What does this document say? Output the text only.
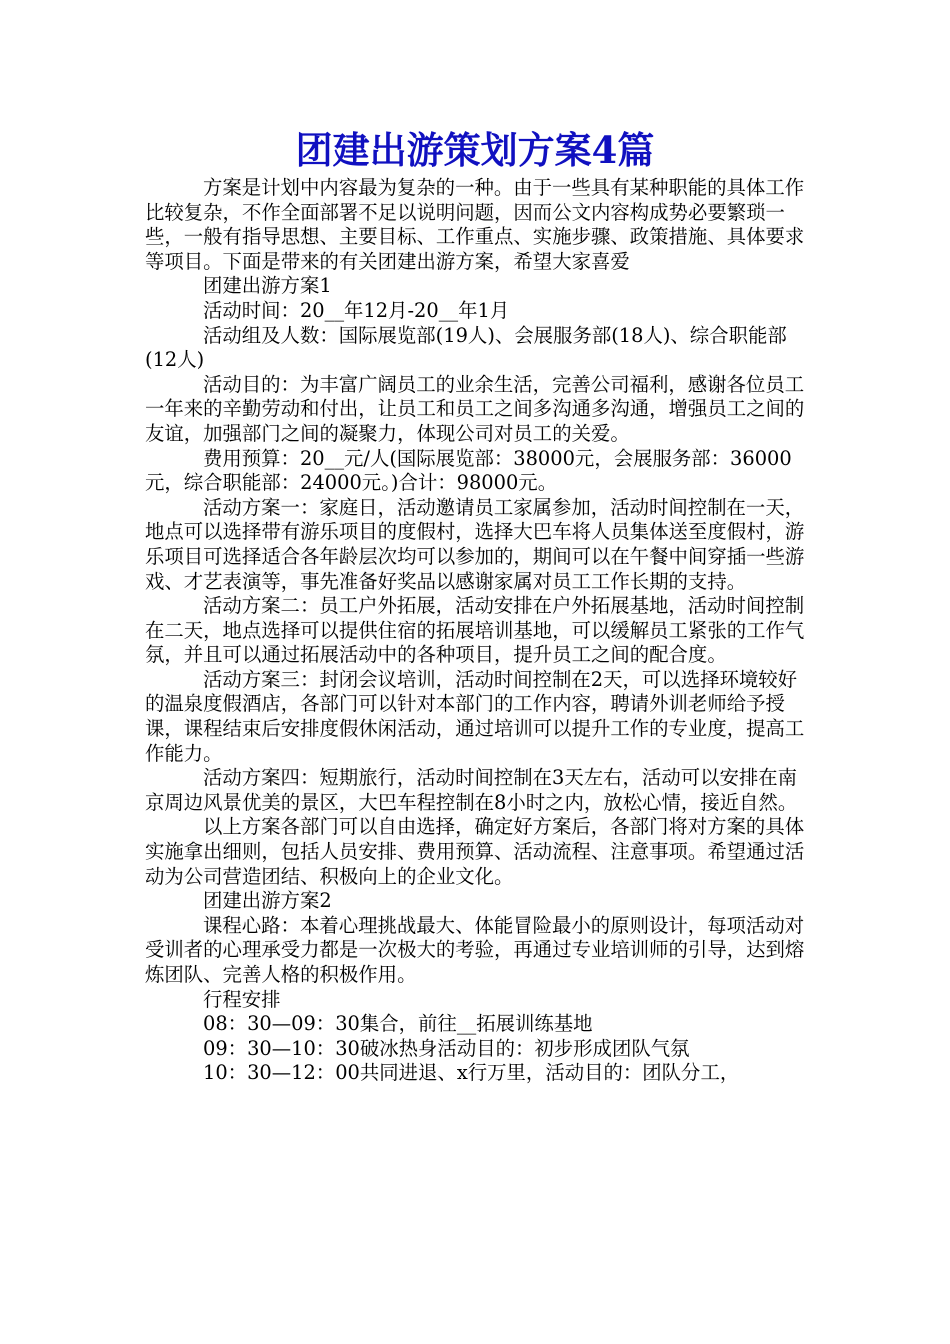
团建出游策划方案4篇

方案是计划中内容最为复杂的一种。由于一些具有某种职能的具体工作比较复杂，不作全面部署不足以说明问题，因而公文内容构成势必要繁琐一些，一般有指导思想、主要目标、工作重点、实施步骤、政策措施、具体要求等项目。下面是带来的有关团建出游方案，希望大家喜爱

团建出游方案1

活动时间：20__年12月-20__年1月

活动组及人数：国际展览部(19人)、会展服务部(18人)、综合职能部(12人)

活动目的：为丰富广阔员工的业余生活，完善公司福利，感谢各位员工一年来的辛勤劳动和付出，让员工和员工之间多沟通多沟通，增强员工之间的友谊，加强部门之间的凝聚力，体现公司对员工的关爱。

费用预算：20__元/人(国际展览部：38000元，会展服务部：36000元，综合职能部：24000元。)合计：98000元。

活动方案一：家庭日，活动邀请员工家属参加，活动时间控制在一天，地点可以选择带有游乐项目的度假村，选择大巴车将人员集体送至度假村，游乐项目可选择适合各年龄层次均可以参加的，期间可以在午餐中间穿插一些游戏、才艺表演等，事先准备好奖品以感谢家属对员工工作长期的支持。

活动方案二：员工户外拓展，活动安排在户外拓展基地，活动时间控制在二天，地点选择可以提供住宿的拓展培训基地，可以缓解员工紧张的工作气氛，并且可以通过拓展活动中的各种项目，提升员工之间的配合度。

活动方案三：封闭会议培训，活动时间控制在2天，可以选择环境较好的温泉度假酒店，各部门可以针对本部门的工作内容，聘请外训老师给予授课，课程结束后安排度假休闲活动，通过培训可以提升工作的专业度，提高工作能力。

活动方案四：短期旅行，活动时间控制在3天左右，活动可以安排在南京周边风景优美的景区，大巴车程控制在8小时之内，放松心情，接近自然。

以上方案各部门可以自由选择，确定好方案后，各部门将对方案的具体实施拿出细则，包括人员安排、费用预算、活动流程、注意事项。希望通过活动为公司营造团结、积极向上的企业文化。

团建出游方案2

课程心路：本着心理挑战最大、体能冒险最小的原则设计，每项活动对受训者的心理承受力都是一次极大的考验，再通过专业培训师的引导，达到熔炼团队、完善人格的积极作用。

行程安排

08：30—09：30集合，前往__拓展训练基地

09：30—10：30破冰热身活动目的：初步形成团队气氛

10：30—12：00共同进退、x行万里，活动目的：团队分工，
